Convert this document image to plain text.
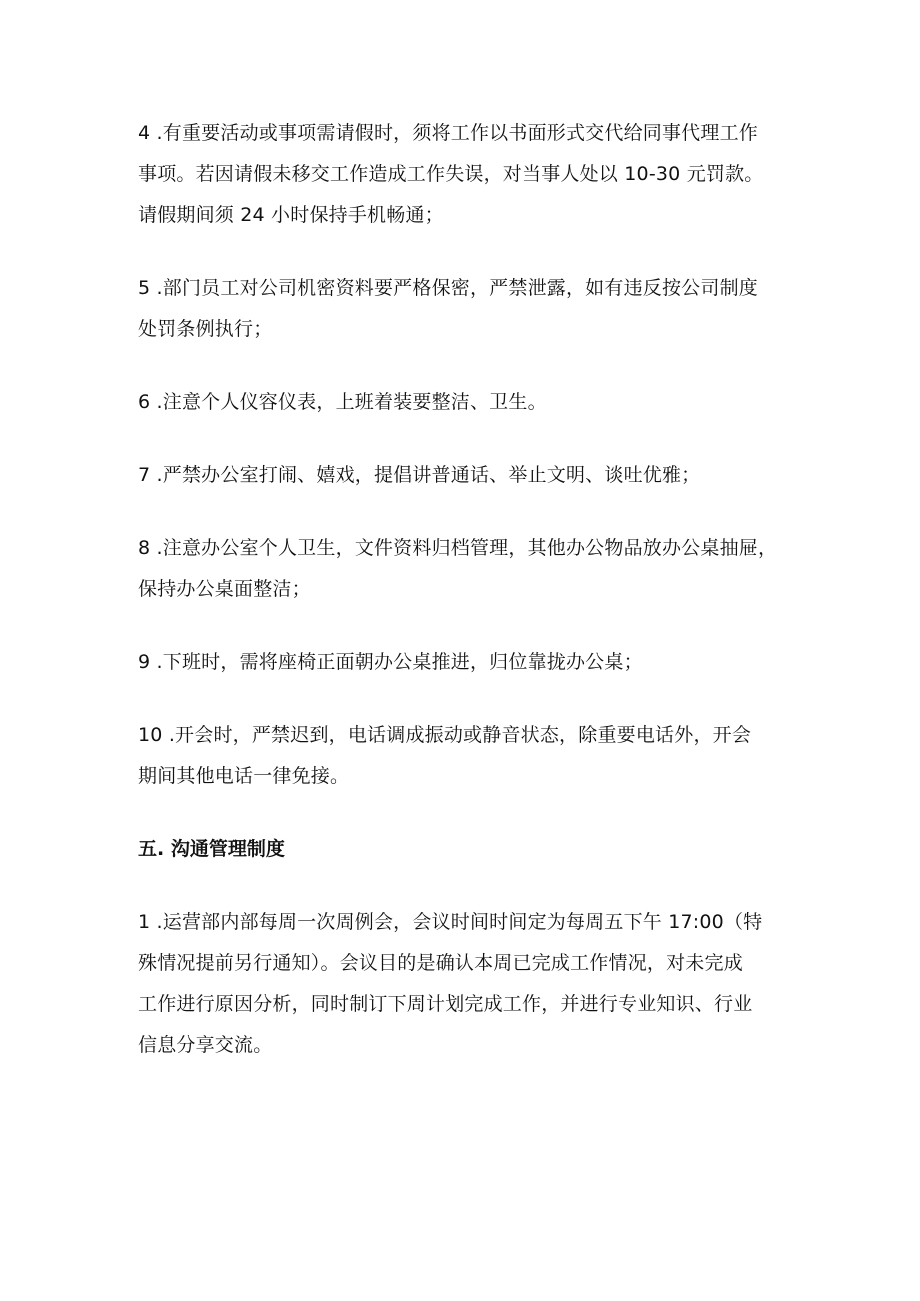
4 .有重要活动或事项需请假时，须将工作以书面形式交代给同事代理工作
事项。若因请假未移交工作造成工作失误，对当事人处以 10-30 元罚款。
请假期间须 24 小时保持手机畅通；
5 .部门员工对公司机密资料要严格保密，严禁泄露，如有违反按公司制度
处罚条例执行；
6 .注意个人仪容仪表，上班着装要整洁、卫生。
7 .严禁办公室打闹、嬉戏，提倡讲普通话、举止文明、谈吐优雅；
8 .注意办公室个人卫生，文件资料归档管理，其他办公物品放办公桌抽屉，
保持办公桌面整洁；
9 .下班时，需将座椅正面朝办公桌推进，归位靠拢办公桌；
10 .开会时，严禁迟到，电话调成振动或静音状态，除重要电话外，开会
期间其他电话一律免接。
五. 沟通管理制度
1 .运营部内部每周一次周例会，会议时间时间定为每周五下午 17:00（特
殊情况提前另行通知）。会议目的是确认本周已完成工作情况，对未完成
工作进行原因分析，同时制订下周计划完成工作，并进行专业知识、行业
信息分享交流。
